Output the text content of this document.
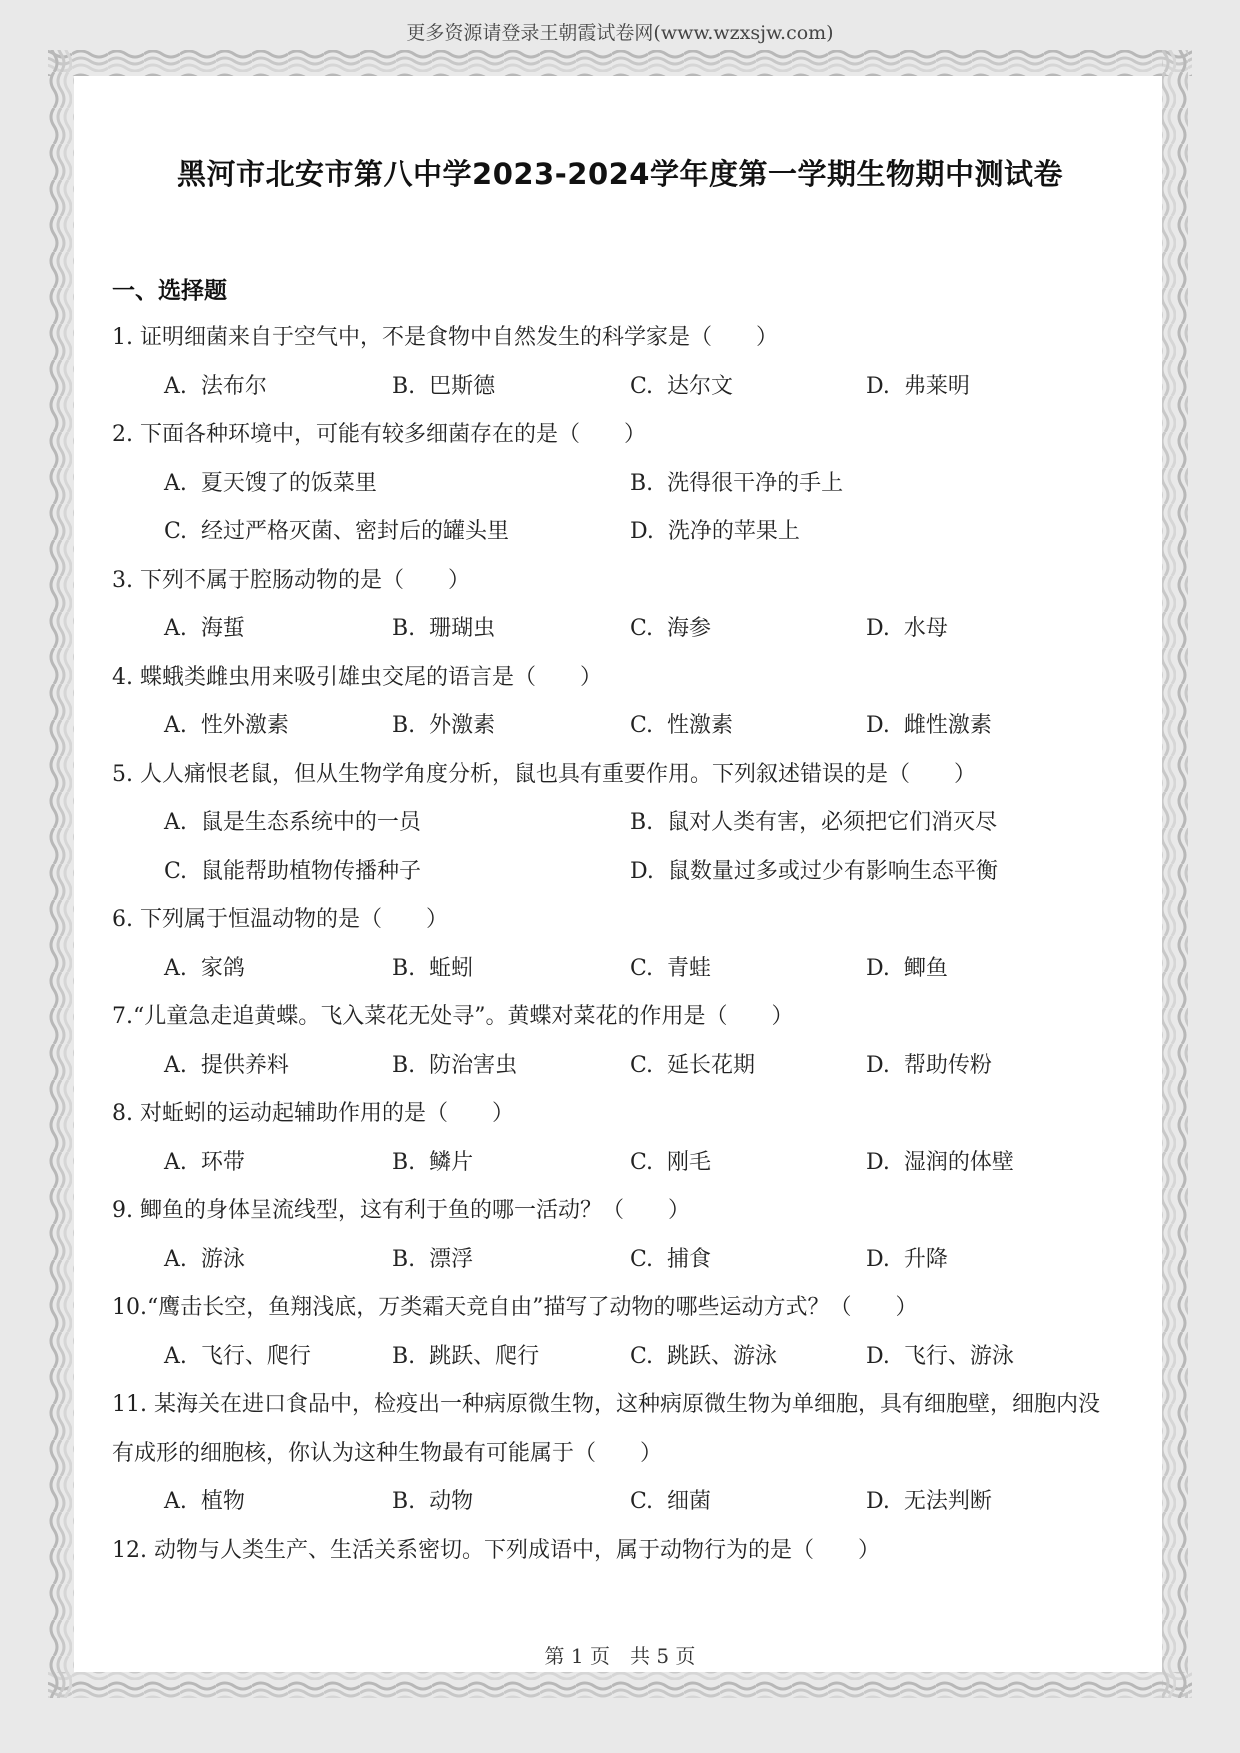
更多资源请登录王朝霞试卷网(www.wzxsjw.com)
黑河市北安市第八中学2023-2024学年度第一学期生物期中测试卷
一、选择题
1. 证明细菌来自于空气中，不是食物中自然发生的科学家是（　　）
A. 法布尔	B. 巴斯德	C. 达尔文	D. 弗莱明
2. 下面各种环境中，可能有较多细菌存在的是（　　）
A. 夏天馊了的饭菜里	B. 洗得很干净的手上
C. 经过严格灭菌、密封后的罐头里	D. 洗净的苹果上
3. 下列不属于腔肠动物的是（　　）
A. 海蜇	B. 珊瑚虫	C. 海参	D. 水母
4. 蝶蛾类雌虫用来吸引雄虫交尾的语言是（　　）
A. 性外激素	B. 外激素	C. 性激素	D. 雌性激素
5. 人人痛恨老鼠，但从生物学角度分析，鼠也具有重要作用。下列叙述错误的是（　　）
A. 鼠是生态系统中的一员	B. 鼠对人类有害，必须把它们消灭尽
C. 鼠能帮助植物传播种子	D. 鼠数量过多或过少有影响生态平衡
6. 下列属于恒温动物的是（　　）
A. 家鸽	B. 蚯蚓	C. 青蛙	D. 鲫鱼
7.“儿童急走追黄蝶。飞入菜花无处寻”。黄蝶对菜花的作用是（　　）
A. 提供养料	B. 防治害虫	C. 延长花期	D. 帮助传粉
8. 对蚯蚓的运动起辅助作用的是（　　）
A. 环带	B. 鳞片	C. 刚毛	D. 湿润的体壁
9. 鲫鱼的身体呈流线型，这有利于鱼的哪一活动？（　　）
A. 游泳	B. 漂浮	C. 捕食	D. 升降
10.“鹰击长空，鱼翔浅底，万类霜天竞自由”描写了动物的哪些运动方式？（　　）
A. 飞行、爬行	B. 跳跃、爬行	C. 跳跃、游泳	D. 飞行、游泳
11. 某海关在进口食品中，检疫出一种病原微生物，这种病原微生物为单细胞，具有细胞壁，细胞内没有成形的细胞核，你认为这种生物最有可能属于（　　）
A. 植物	B. 动物	C. 细菌	D. 无法判断
12. 动物与人类生产、生活关系密切。下列成语中，属于动物行为的是（　　）
第 1 页　共 5 页
